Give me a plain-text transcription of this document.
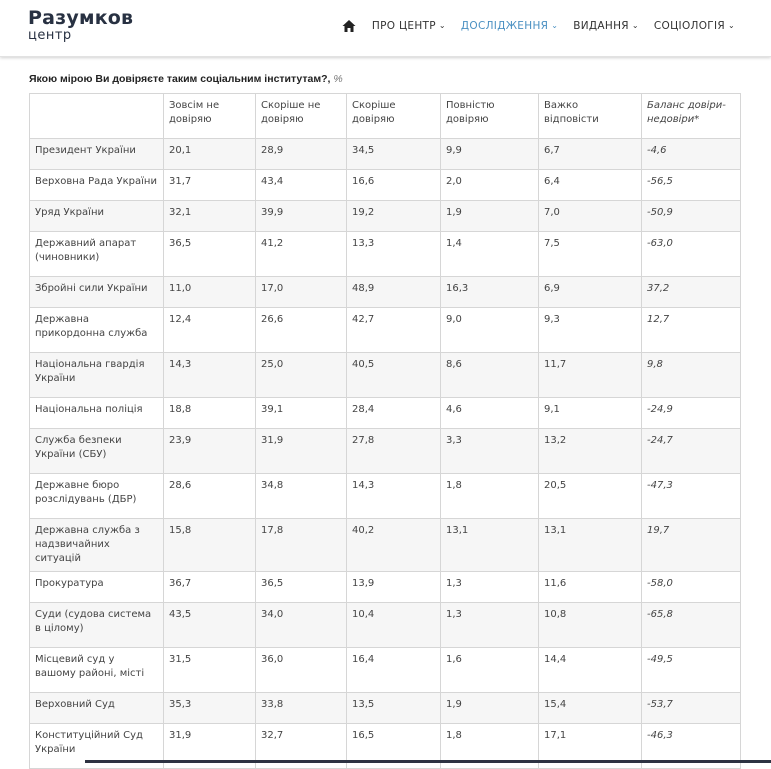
Разумков
центр
ПРО ЦЕНТР ⌄ ДОСЛІДЖЕННЯ ⌄ ВИДАННЯ ⌄ СОЦІОЛОГІЯ ⌄
Якою мірою Ви довіряєте таким соціальним інститутам?, %
	Зовсім не довіряю	Скоріше не довіряю	Скоріше довіряю	Повністю довіряю	Важко відповісти	Баланс довіри-недовіри*
Президент України	20,1	28,9	34,5	9,9	6,7	-4,6
Верховна Рада України	31,7	43,4	16,6	2,0	6,4	-56,5
Уряд України	32,1	39,9	19,2	1,9	7,0	-50,9
Державний апарат (чиновники)	36,5	41,2	13,3	1,4	7,5	-63,0
Збройні сили України	11,0	17,0	48,9	16,3	6,9	37,2
Державна прикордонна служба	12,4	26,6	42,7	9,0	9,3	12,7
Національна гвардія України	14,3	25,0	40,5	8,6	11,7	9,8
Національна поліція	18,8	39,1	28,4	4,6	9,1	-24,9
Служба безпеки України (СБУ)	23,9	31,9	27,8	3,3	13,2	-24,7
Державне бюро розслідувань (ДБР)	28,6	34,8	14,3	1,8	20,5	-47,3
Державна служба з надзвичайних ситуацій	15,8	17,8	40,2	13,1	13,1	19,7
Прокуратура	36,7	36,5	13,9	1,3	11,6	-58,0
Суди (судова система в цілому)	43,5	34,0	10,4	1,3	10,8	-65,8
Місцевий суд у вашому районі, місті	31,5	36,0	16,4	1,6	14,4	-49,5
Верховний Суд	35,3	33,8	13,5	1,9	15,4	-53,7
Конституційний Суд України	31,9	32,7	16,5	1,8	17,1	-46,3
